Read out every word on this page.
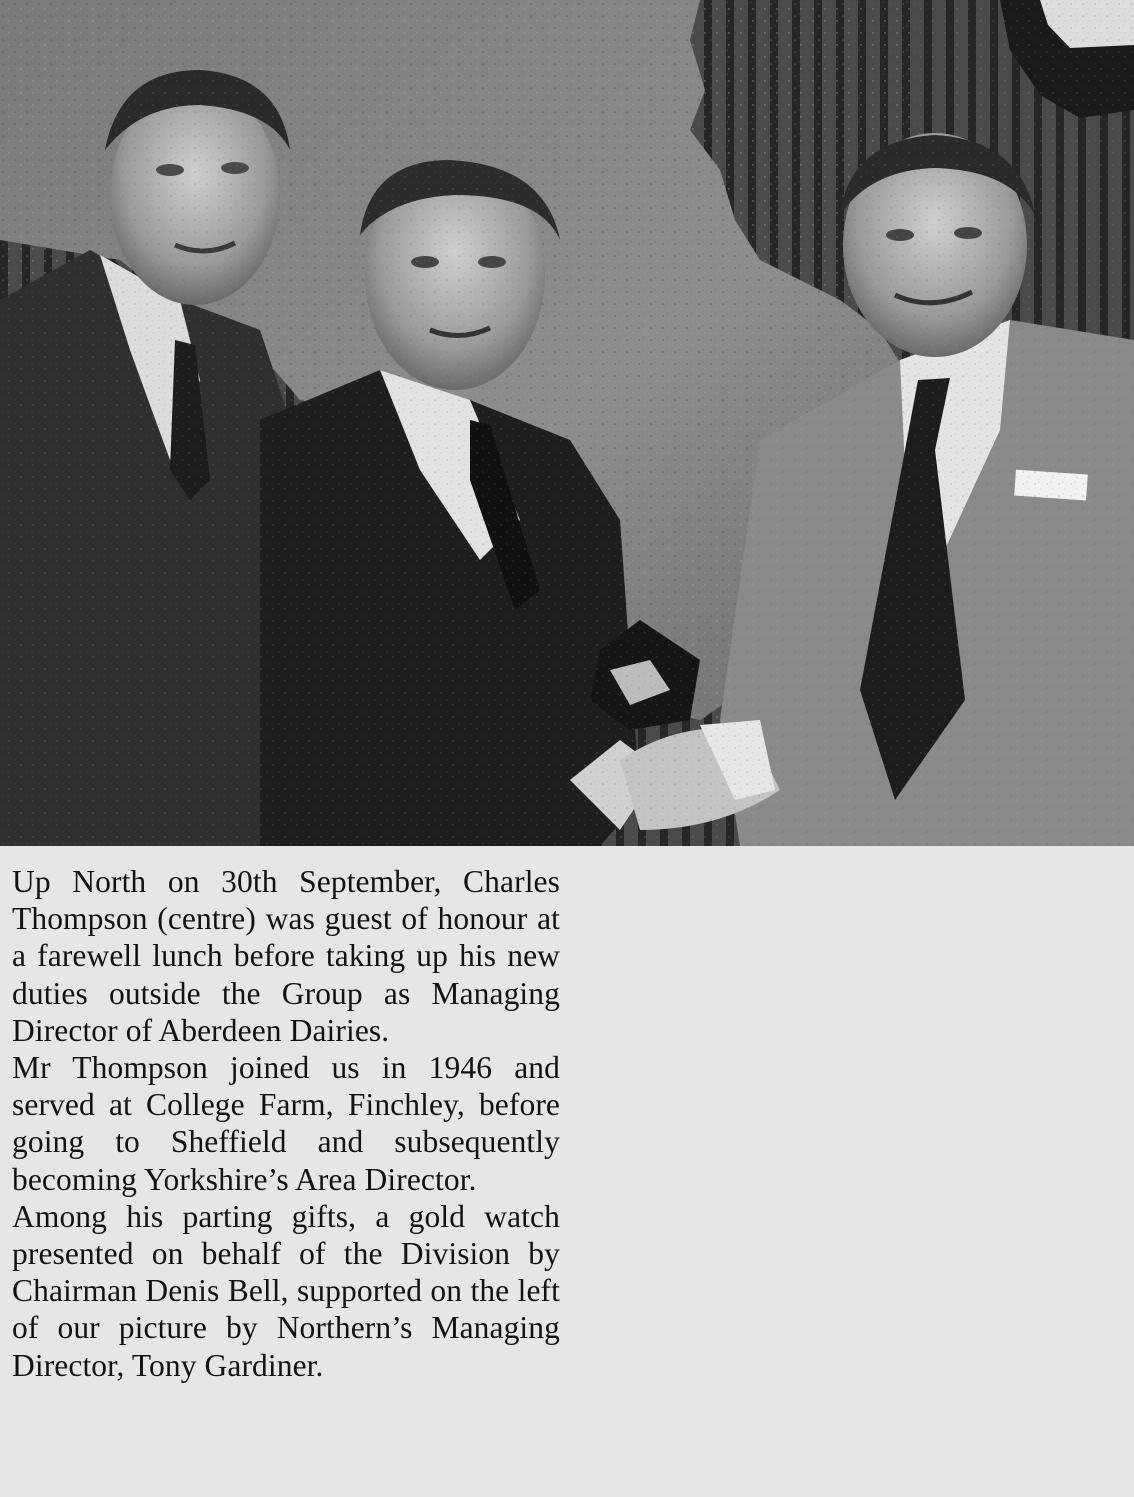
Up North on 30th September, Charles Thompson (centre) was guest of honour at a farewell lunch before taking up his new duties outside the Group as Managing Director of Aberdeen Dairies.

Mr Thompson joined us in 1946 and served at College Farm, Finchley, before going to Sheffield and subsequently becoming Yorkshire’s Area Director.

Among his parting gifts, a gold watch presented on behalf of the Division by Chairman Denis Bell, supported on the left of our picture by Northern’s Managing Director, Tony Gardiner.
